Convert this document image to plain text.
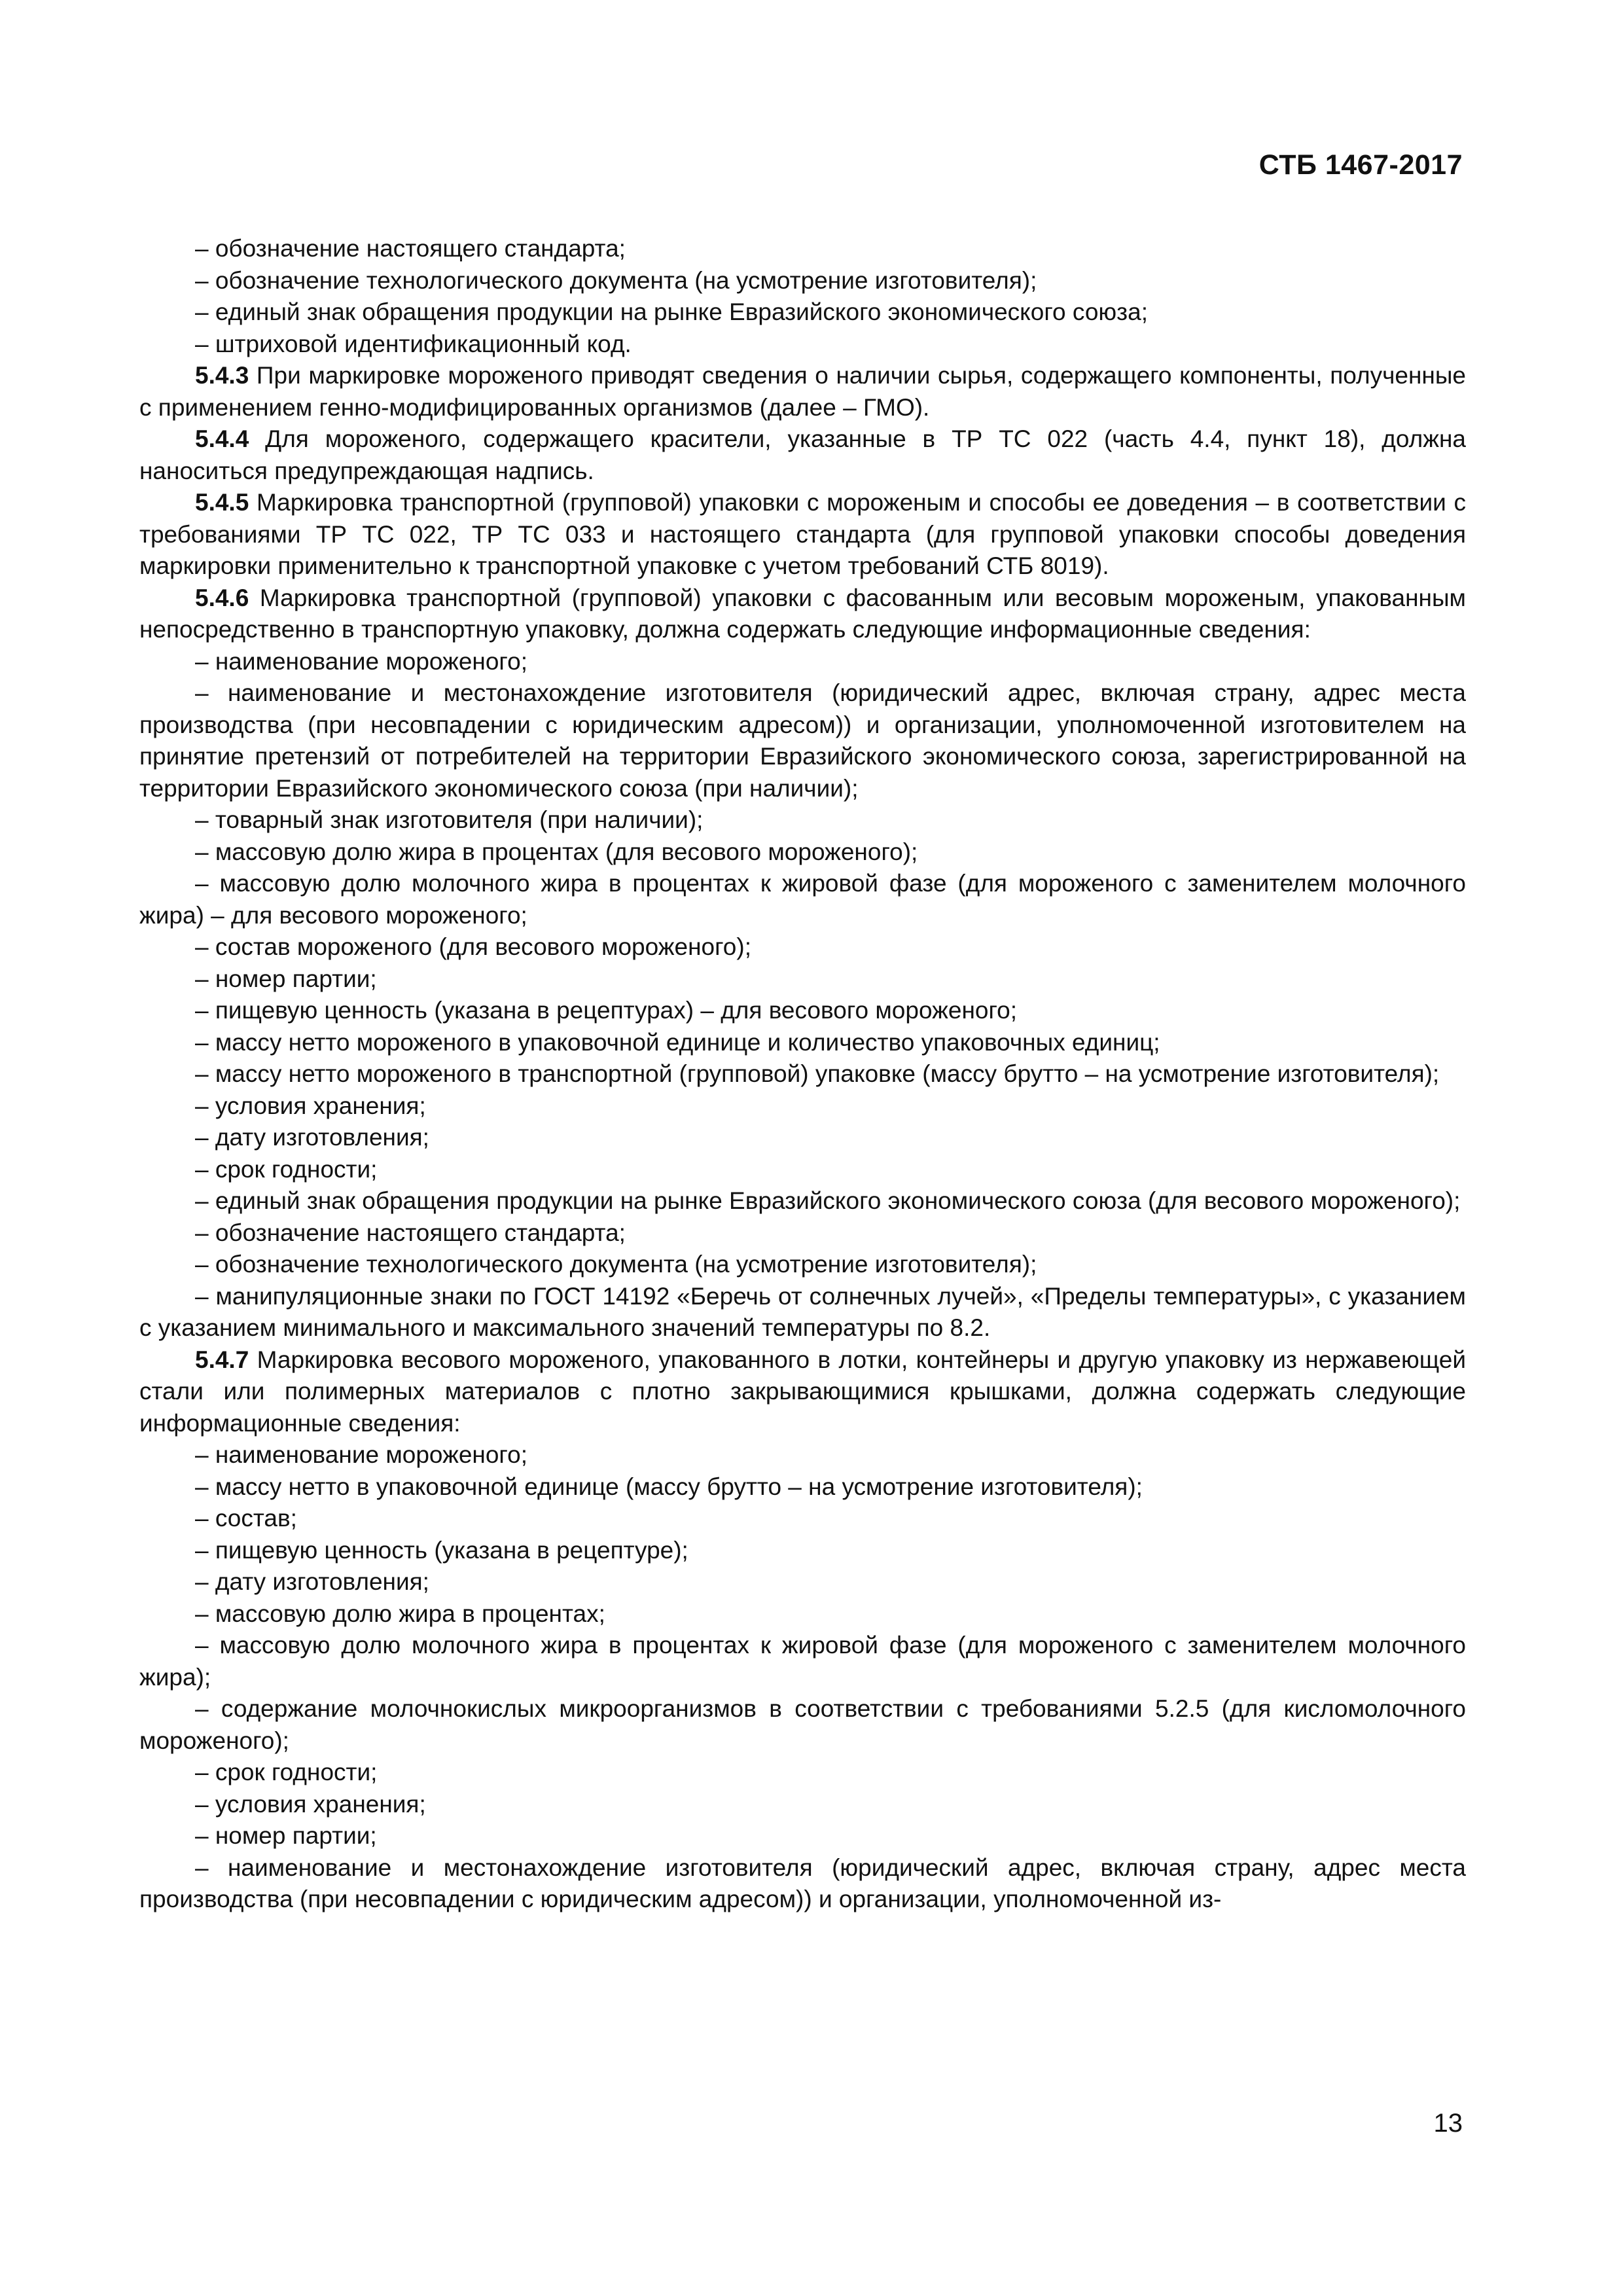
СТБ 1467-2017

– обозначение настоящего стандарта;

– обозначение технологического документа (на усмотрение изготовителя);

– единый знак обращения продукции на рынке Евразийского экономического союза;

– штриховой идентификационный код.

5.4.3 При маркировке мороженого приводят сведения о наличии сырья, содержащего компоненты, полученные с применением генно-модифицированных организмов (далее – ГМО).

5.4.4 Для мороженого, содержащего красители, указанные в ТР ТС 022 (часть 4.4, пункт 18), должна наноситься предупреждающая надпись.

5.4.5 Маркировка транспортной (групповой) упаковки с мороженым и способы ее доведения – в соответствии с требованиями ТР ТС 022, ТР ТС 033 и настоящего стандарта (для групповой упаковки способы доведения маркировки применительно к транспортной упаковке с учетом требований СТБ 8019).

5.4.6 Маркировка транспортной (групповой) упаковки с фасованным или весовым мороженым, упакованным непосредственно в транспортную упаковку, должна содержать следующие информационные сведения:

– наименование мороженого;

– наименование и местонахождение изготовителя (юридический адрес, включая страну, адрес места производства (при несовпадении с юридическим адресом)) и организации, уполномоченной изготовителем на принятие претензий от потребителей на территории Евразийского экономического союза, зарегистрированной на территории Евразийского экономического союза (при наличии);

– товарный знак изготовителя (при наличии);

– массовую долю жира в процентах (для весового мороженого);

– массовую долю молочного жира в процентах к жировой фазе (для мороженого с заменителем молочного жира) – для весового мороженого;

– состав мороженого (для весового мороженого);

– номер партии;

– пищевую ценность (указана в рецептурах) – для весового мороженого;

– массу нетто мороженого в упаковочной единице и количество упаковочных единиц;

– массу нетто мороженого в транспортной (групповой) упаковке (массу брутто – на усмотрение изготовителя);

– условия хранения;

– дату изготовления;

– срок годности;

– единый знак обращения продукции на рынке Евразийского экономического союза (для весового мороженого);

– обозначение настоящего стандарта;

– обозначение технологического документа (на усмотрение изготовителя);

– манипуляционные знаки по ГОСТ 14192 «Беречь от солнечных лучей», «Пределы температуры», с указанием с указанием минимального и максимального значений температуры по 8.2.

5.4.7 Маркировка весового мороженого, упакованного в лотки, контейнеры и другую упаковку из нержавеющей стали или полимерных материалов с плотно закрывающимися крышками, должна содержать следующие информационные сведения:

– наименование мороженого;

– массу нетто в упаковочной единице (массу брутто – на усмотрение изготовителя);

– состав;

– пищевую ценность (указана в рецептуре);

– дату изготовления;

– массовую долю жира в процентах;

– массовую долю молочного жира в процентах к жировой фазе (для мороженого с заменителем молочного жира);

– содержание молочнокислых микроорганизмов в соответствии с требованиями 5.2.5 (для кисломолочного мороженого);

– срок годности;

– условия хранения;

– номер партии;

– наименование и местонахождение изготовителя (юридический адрес, включая страну, адрес места производства (при несовпадении с юридическим адресом)) и организации, уполномоченной из-

13
